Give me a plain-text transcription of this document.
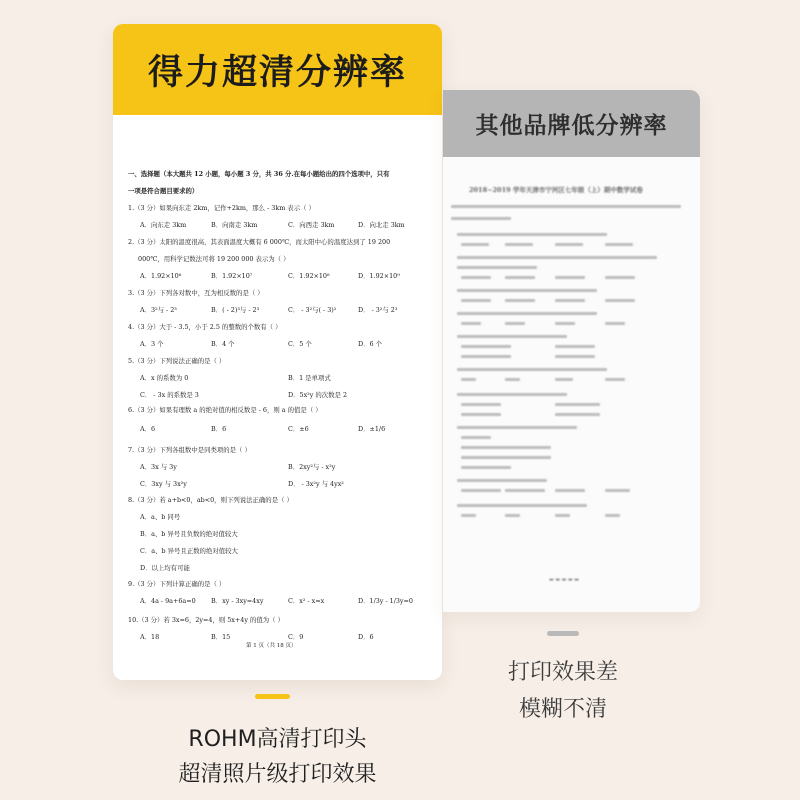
得力超清分辨率
一、选择题（本大题共 12 小题，每小题 3 分，共 36 分.在每小题给出的四个选项中，只有
一项是符合题目要求的）
1.（3 分）如果向东走 2km，记作+2km，那么 - 3km 表示（ ）
A．向东走 3km	B．向南走 3km	C．向西走 3km	D．向北走 3km
2.（3 分）太阳的温度很高，其表面温度大概有 6 000℃，而太阳中心的温度达到了 19 200
000℃，用科学记数法可将 19 200 000 表示为（ ）
A．1.92×10⁶	B．1.92×10⁷	C．1.92×10⁸	D．1.92×10⁹
3.（3 分）下列各对数中，互为相反数的是（ ）
A．3²与 - 2³	B．( - 2)³与 - 2³	C． - 3²与( - 3)²	D． - 3²与 2³
4.（3 分）大于 - 3.5，小于 2.5 的整数的个数有（ ）
A．3 个	B．4 个	C．5 个	D．6 个
5.（3 分）下列说法正确的是（ ）
A．x 的系数为 0	B．1 是单项式
C． - 3x 的系数是 3	D．5x²y 的次数是 2
6.（3 分）如果有理数 a 的绝对值的相反数是 - 6，则 a 的值是（ ）
A．6	B．6	C．±6	D．±1/6
7.（3 分）下列各组数中是同类项的是（ ）
A．3x 与 3y	B．2xy²与 - x²y
C．3xy 与 3x²y	D． - 3x²y 与 4yx²
8.（3 分）若 a+b<0，ab<0，则下列说法正确的是（ ）
A．a、b 同号
B．a、b 异号且负数的绝对值较大
C．a、b 异号且正数的绝对值较大
D．以上均有可能
9.（3 分）下列计算正确的是（ ）
A．4a - 9a+6a=0 B．xy - 3xy=4xy	C．x² - x=x	D．1/3y - 1/3y=0
10.（3 分）若 3x=6，2y=4，则 5x+4y 的值为（ ）
A．18	B．15	C．9	D．6
第 1 页（共 18 页）
其他品牌低分辨率
2018~2019 学年天津市宁河区七年级（上）期中数学试卷
▬ ▬ ▬ ▬ ▬
ROHM高清打印头
超清照片级打印效果
打印效果差
模糊不清
